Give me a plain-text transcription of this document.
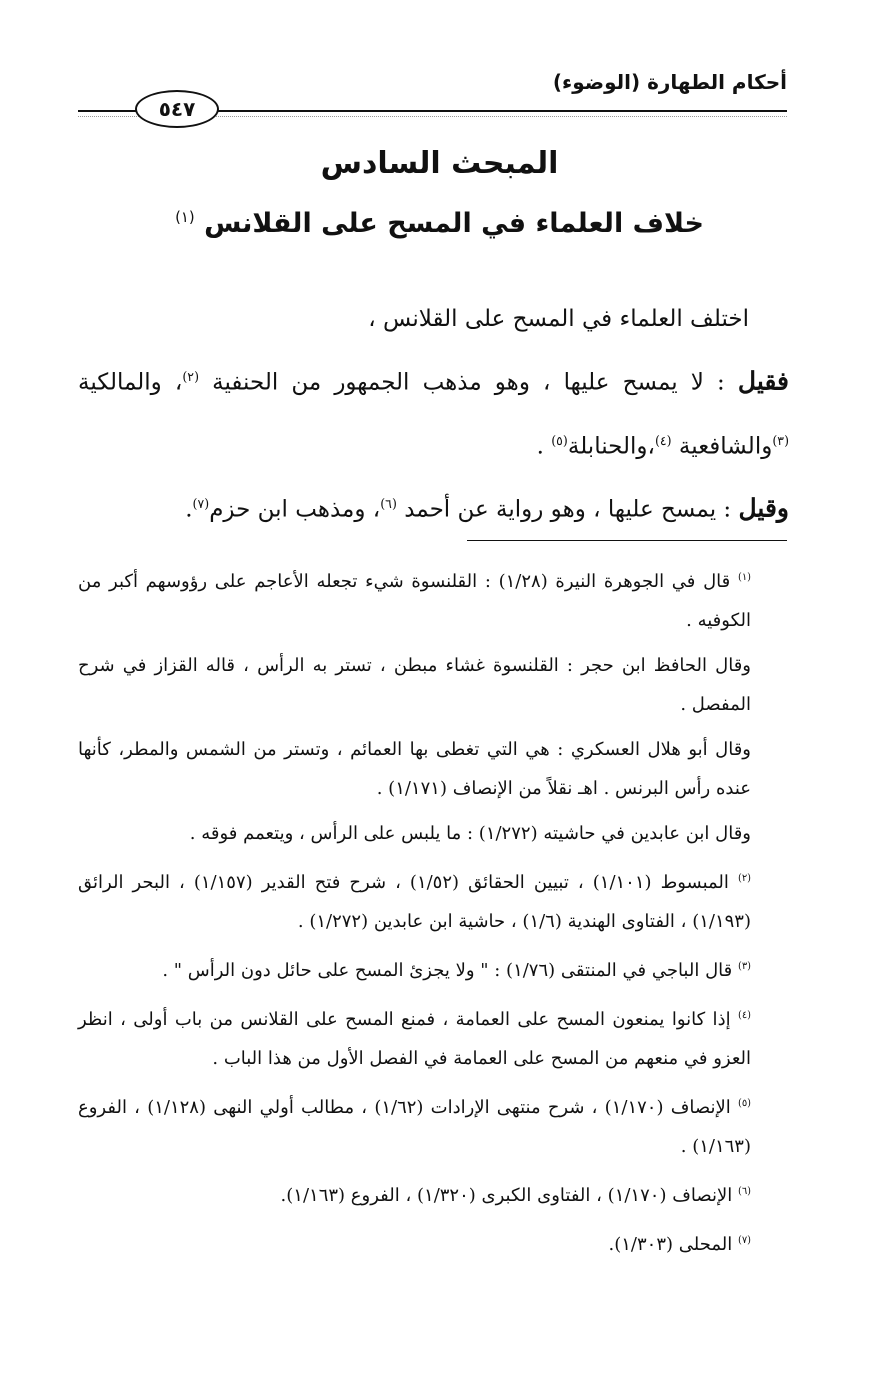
أحكام الطهارة (الوضوء)
٥٤٧
المبحث السادس
خلاف العلماء في المسح على القلانس $^{(١)}$

اختلف العلماء في المسح على القلانس ،

فقيل : لا يمسح عليها ، وهو مذهب الجمهور من الحنفية $^{(٢)}$، والمالكية $^{(٣)}$والشافعية $^{(٤)}$،والحنابلة$^{(٥)}$ .

وقيل : يمسح عليها ، وهو رواية عن أحمد $^{(٦)}$، ومذهب ابن حزم$^{(٧)}$.

$^{(١)}$ قال في الجوهرة النيرة (١/٢٨) : القلنسوة شيء تجعله الأعاجم على رؤوسهم أكبر من الكوفيه .

وقال الحافظ ابن حجر : القلنسوة غشاء مبطن ، تستر به الرأس ، قاله القزاز في شرح المفصل .

وقال أبو هلال العسكري : هي التي تغطى بها العمائم ، وتستر من الشمس والمطر، كأنها عنده رأس البرنس . اهـ نقلاً من الإنصاف (١/١٧١) .

وقال ابن عابدين في حاشيته (١/٢٧٢) : ما يلبس على الرأس ، ويتعمم فوقه .

$^{(٢)}$ المبسوط (١/١٠١) ، تبيين الحقائق (١/٥٢) ، شرح فتح القدير (١/١٥٧) ، البحر الرائق (١/١٩٣) ، الفتاوى الهندية (١/٦) ، حاشية ابن عابدين (١/٢٧٢) .

$^{(٣)}$ قال الباجي في المنتقى (١/٧٦) : " ولا يجزئ المسح على حائل دون الرأس " .

$^{(٤)}$ إذا كانوا يمنعون المسح على العمامة ، فمنع المسح على القلانس من باب أولى ، انظر العزو في منعهم من المسح على العمامة في الفصل الأول من هذا الباب .

$^{(٥)}$ الإنصاف (١/١٧٠) ، شرح منتهى الإرادات (١/٦٢) ، مطالب أولي النهى (١/١٢٨) ، الفروع (١/١٦٣) .

$^{(٦)}$ الإنصاف (١/١٧٠) ، الفتاوى الكبرى (١/٣٢٠) ، الفروع (١/١٦٣).

$^{(٧)}$ المحلى (١/٣٠٣).
